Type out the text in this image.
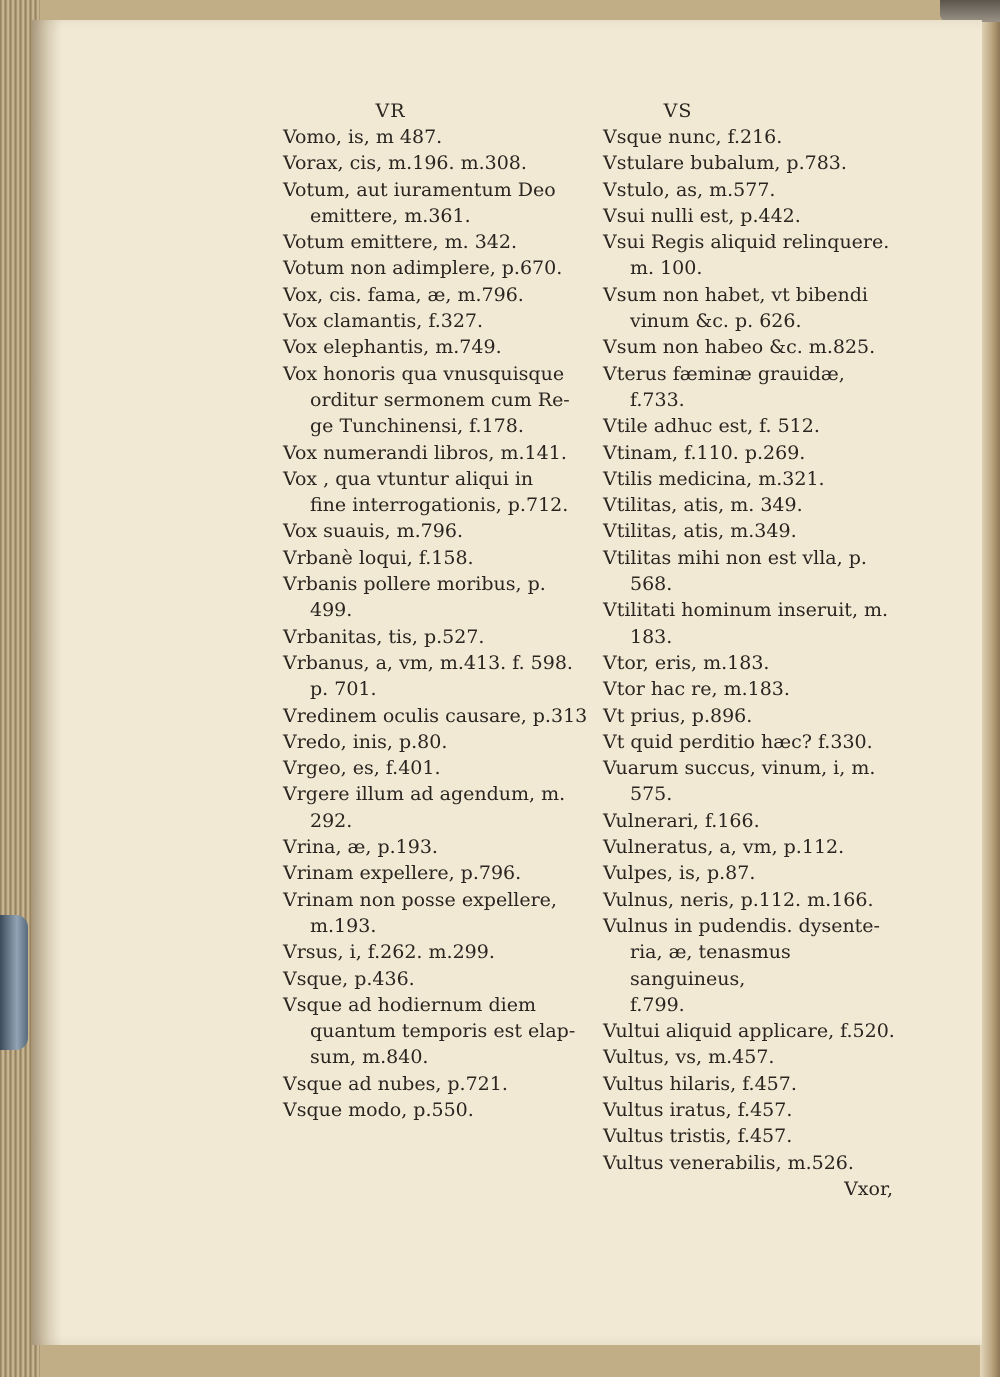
VR
Vomo, is, m 487.
Vorax, cis, m.196. m.308.
Votum, aut iuramentum Deo
emittere, m.361.
Votum emittere, m. 342.
Votum non adimplere, p.670.
Vox, cis. fama, æ, m.796.
Vox clamantis, f.327.
Vox elephantis, m.749.
Vox honoris qua vnusquisque
orditur sermonem cum Re-
ge Tunchinensi, f.178.
Vox numerandi libros, m.141.
Vox , qua vtuntur aliqui in
fine interrogationis, p.712.
Vox suauis, m.796.
Vrbanè loqui, f.158.
Vrbanis pollere moribus, p.
499.
Vrbanitas, tis, p.527.
Vrbanus, a, vm, m.413. f. 598.
p. 701.
Vredinem oculis causare, p.313
Vredo, inis, p.80.
Vrgeo, es, f.401.
Vrgere illum ad agendum, m.
292.
Vrina, æ, p.193.
Vrinam expellere, p.796.
Vrinam non posse expellere,
m.193.
Vrsus, i, f.262. m.299.
Vsque, p.436.
Vsque ad hodiernum diem
quantum temporis est elap-
sum, m.840.
Vsque ad nubes, p.721.
Vsque modo, p.550.
VS
Vsque nunc, f.216.
Vstulare bubalum, p.783.
Vstulo, as, m.577.
Vsui nulli est, p.442.
Vsui Regis aliquid relinquere.
m. 100.
Vsum non habet, vt bibendi
vinum &c. p. 626.
Vsum non habeo &c. m.825.
Vterus fæminæ grauidæ, f.733.
Vtile adhuc est, f. 512.
Vtinam, f.110. p.269.
Vtilis medicina, m.321.
Vtilitas, atis, m. 349.
Vtilitas, atis, m.349.
Vtilitas mihi non est vlla, p.
568.
Vtilitati hominum inseruit, m.
183.
Vtor, eris, m.183.
Vtor hac re, m.183.
Vt prius, p.896.
Vt quid perditio hæc? f.330.
Vuarum succus, vinum, i, m.
575.
Vulnerari, f.166.
Vulneratus, a, vm, p.112.
Vulpes, is, p.87.
Vulnus, neris, p.112. m.166.
Vulnus in pudendis. dysente-
ria, æ, tenasmus sanguineus,
f.799.
Vultui aliquid applicare, f.520.
Vultus, vs, m.457.
Vultus hilaris, f.457.
Vultus iratus, f.457.
Vultus tristis, f.457.
Vultus venerabilis, m.526.
Vxor,
